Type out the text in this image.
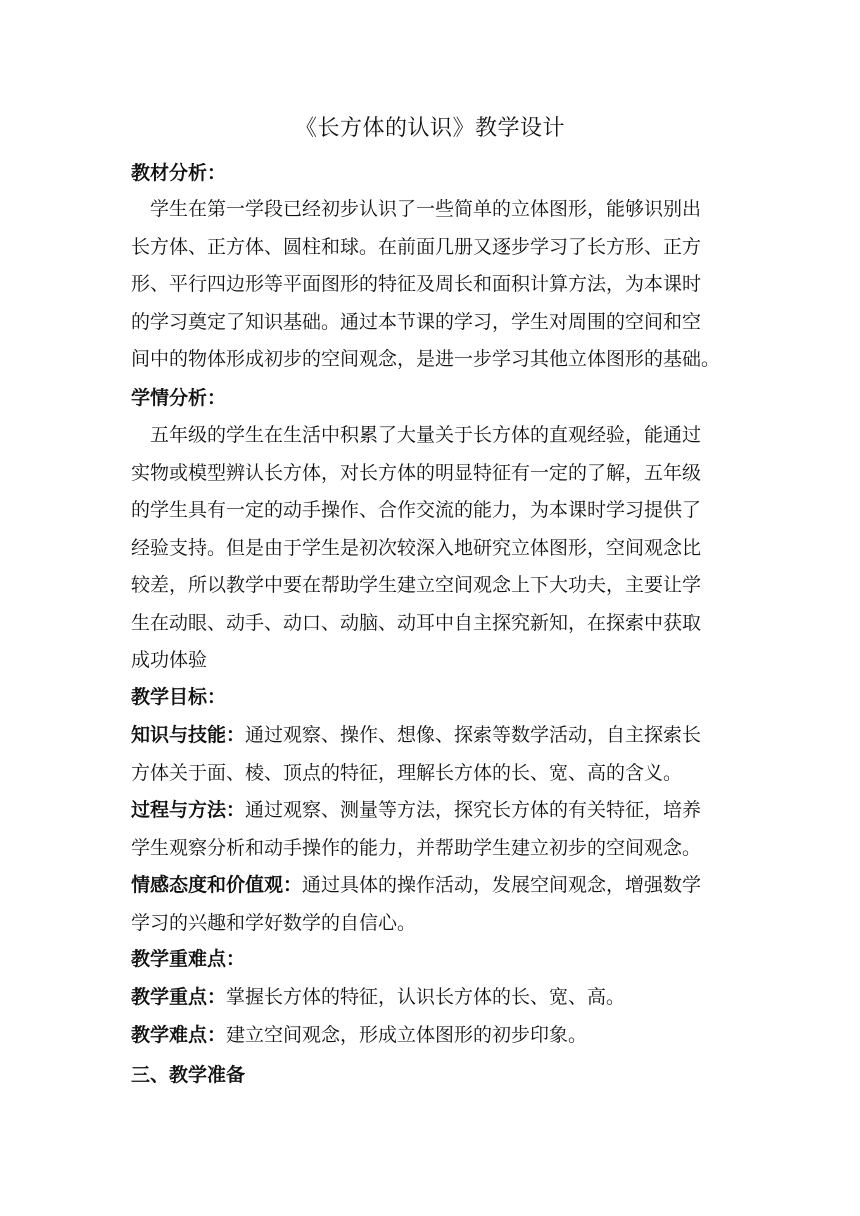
《长方体的认识》教学设计
教材分析：
学生在第一学段已经初步认识了一些简单的立体图形，能够识别出
长方体、正方体、圆柱和球。在前面几册又逐步学习了长方形、正方
形、平行四边形等平面图形的特征及周长和面积计算方法，为本课时
的学习奠定了知识基础。通过本节课的学习，学生对周围的空间和空
间中的物体形成初步的空间观念，是进一步学习其他立体图形的基础。
学情分析：
五年级的学生在生活中积累了大量关于长方体的直观经验，能通过
实物或模型辨认长方体，对长方体的明显特征有一定的了解，五年级
的学生具有一定的动手操作、合作交流的能力，为本课时学习提供了
经验支持。但是由于学生是初次较深入地研究立体图形，空间观念比
较差，所以教学中要在帮助学生建立空间观念上下大功夫，主要让学
生在动眼、动手、动口、动脑、动耳中自主探究新知，在探索中获取
成功体验
教学目标：
知识与技能：通过观察、操作、想像、探索等数学活动，自主探索长
方体关于面、棱、顶点的特征，理解长方体的长、宽、高的含义。
过程与方法：通过观察、测量等方法，探究长方体的有关特征，培养
学生观察分析和动手操作的能力，并帮助学生建立初步的空间观念。
情感态度和价值观：通过具体的操作活动，发展空间观念，增强数学
学习的兴趣和学好数学的自信心。
教学重难点：
教学重点：掌握长方体的特征，认识长方体的长、宽、高。
教学难点：建立空间观念，形成立体图形的初步印象。
三、教学准备
